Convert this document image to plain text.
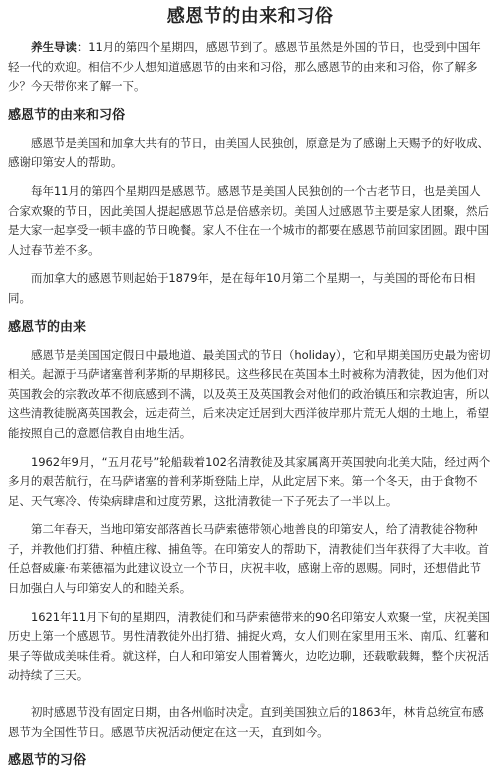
感恩节的由来和习俗

养生导读：11月的第四个星期四，感恩节到了。感恩节虽然是外国的节日，也受到中国年轻一代的欢迎。相信不少人想知道感恩节的由来和习俗，那么感恩节的由来和习俗，你了解多少？今天带你来了解一下。

感恩节的由来和习俗

感恩节是美国和加拿大共有的节日，由美国人民独创，原意是为了感谢上天赐予的好收成、感谢印第安人的帮助。

每年11月的第四个星期四是感恩节。感恩节是美国人民独创的一个古老节日，也是美国人合家欢聚的节日，因此美国人提起感恩节总是倍感亲切。美国人过感恩节主要是家人团聚，然后是大家一起享受一顿丰盛的节日晚餐。家人不住在一个城市的都要在感恩节前回家团圆。跟中国人过春节差不多。

而加拿大的感恩节则起始于1879年，是在每年10月第二个星期一，与美国的哥伦布日相同。

感恩节的由来

感恩节是美国国定假日中最地道、最美国式的节日（holiday），它和早期美国历史最为密切相关。起源于马萨诸塞普利茅斯的早期移民。这些移民在英国本土时被称为清教徒，因为他们对英国教会的宗教改革不彻底感到不满，以及英王及英国教会对他们的政治镇压和宗教迫害，所以这些清教徒脱离英国教会，远走荷兰，后来决定迁居到大西洋彼岸那片荒无人烟的土地上，希望能按照自己的意愿信教自由地生活。

1962年9月，“五月花号”轮船载着102名清教徒及其家属离开英国驶向北美大陆，经过两个多月的艰苦航行，在马萨诸塞的普利茅斯登陆上岸，从此定居下来。第一个冬天，由于食物不足、天气寒冷、传染病肆虐和过度劳累，这批清教徒一下子死去了一半以上。

第二年春天，当地印第安部落酋长马萨索德带领心地善良的印第安人，给了清教徒谷物种子，并教他们打猎、种植庄稼、捕鱼等。在印第安人的帮助下，清教徒们当年获得了大丰收。首任总督威廉·布莱德福为此建议设立一个节日，庆祝丰收，感谢上帝的恩赐。同时，还想借此节日加强白人与印第安人的和睦关系。

1621年11月下旬的星期四，清教徒们和马萨索德带来的90名印第安人欢聚一堂，庆祝美国历史上第一个感恩节。男性清教徒外出打猎、捕捉火鸡，女人们则在家里用玉米、南瓜、红薯和果子等做成美味佳肴。就这样，白人和印第安人围着篝火，边吃边聊，还载歌载舞，整个庆祝活动持续了三天。

初时感恩节没有固定日期，由各州临时决定。直到美国独立后的1863年，林肯总统宣布感恩节为全国性节日。感恩节庆祝活动便定在这一天，直到如今。

感恩节的习俗
